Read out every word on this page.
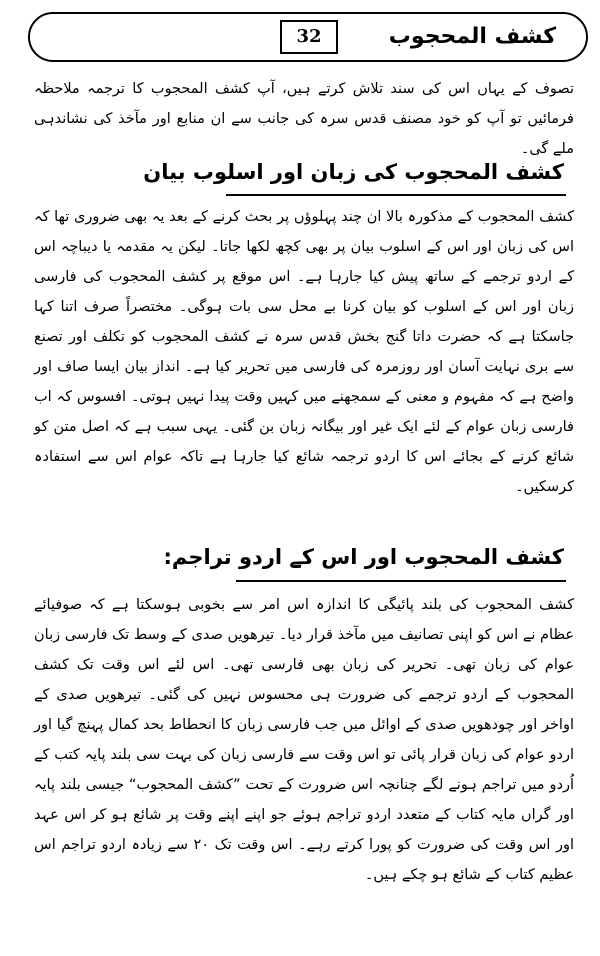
کشف المحجوب
32

تصوف کے یہاں اس کی سند تلاش کرتے ہیں، آپ کشف المحجوب کا ترجمہ ملاحظہ فرمائیں تو آپ کو خود مصنف قدس سرہ کی جانب سے ان منابع اور مآخذ کی نشاندہی ملے گی۔

کشف المحجوب کی زبان اور اسلوب بیان

کشف المحجوب کے مذکورہ بالا ان چند پہلوؤں پر بحث کرنے کے بعد یہ بھی ضروری تھا کہ اس کی زبان اور اس کے اسلوب بیان پر بھی کچھ لکھا جاتا۔ لیکن یہ مقدمہ یا دیباچہ اس کے اردو ترجمے کے ساتھ پیش کیا جارہا ہے۔ اس موقع پر کشف المحجوب کی فارسی زبان اور اس کے اسلوب کو بیان کرنا بے محل سی بات ہوگی۔ مختصراً صرف اتنا کہا جاسکتا ہے کہ حضرت داتا گنج بخش قدس سرہ نے کشف المحجوب کو تکلف اور تصنع سے بری نہایت آسان اور روزمرہ کی فارسی میں تحریر کیا ہے۔ انداز بیان ایسا صاف اور واضح ہے کہ مفہوم و معنی کے سمجھنے میں کہیں وقت پیدا نہیں ہوتی۔ افسوس کہ اب فارسی زبان عوام کے لئے ایک غیر اور بیگانہ زبان بن گئی۔ یہی سبب ہے کہ اصل متن کو شائع کرنے کے بجائے اس کا اردو ترجمہ شائع کیا جارہا ہے تاکہ عوام اس سے استفادہ کرسکیں۔

کشف المحجوب اور اس کے اردو تراجم:

کشف المحجوب کی بلند پائیگی کا اندازہ اس امر سے بخوبی ہوسکتا ہے کہ صوفیائے عظام نے اس کو اپنی تصانیف میں مآخذ قرار دیا۔ تیرھویں صدی کے وسط تک فارسی زبان عوام کی زبان تھی۔ تحریر کی زبان بھی فارسی تھی۔ اس لئے اس وقت تک کشف المحجوب کے اردو ترجمے کی ضرورت ہی محسوس نہیں کی گئی۔ تیرھویں صدی کے اواخر اور چودھویں صدی کے اوائل میں جب فارسی زبان کا انحطاط بحد کمال پہنچ گیا اور اردو عوام کی زبان قرار پائی تو اس وقت سے فارسی زبان کی بہت سی بلند پایہ کتب کے اُردو میں تراجم ہونے لگے چنانچہ اس ضرورت کے تحت ”کشف المحجوب“ جیسی بلند پایہ اور گراں مایہ کتاب کے متعدد اردو تراجم ہوئے جو اپنے اپنے وقت پر شائع ہو کر اس عہد اور اس وقت کی ضرورت کو پورا کرتے رہے۔ اس وقت تک ۲۰ سے زیادہ اردو تراجم اس عظیم کتاب کے شائع ہو چکے ہیں۔
